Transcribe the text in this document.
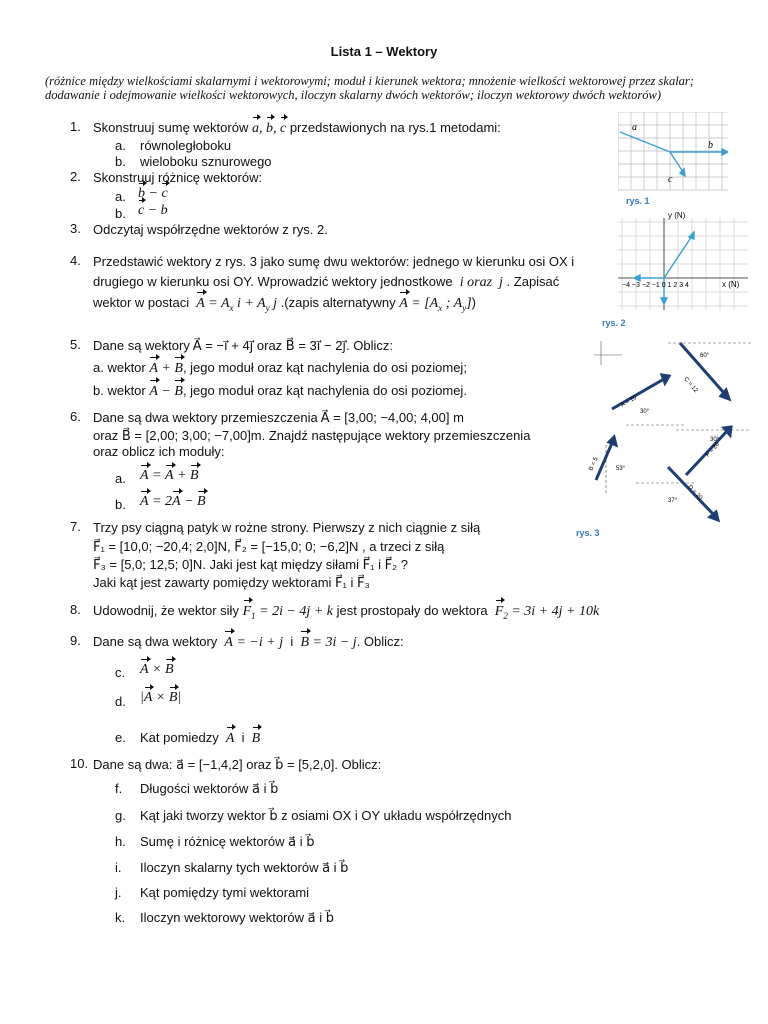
Lista 1 – Wektory
(różnice między wielkościami skalarnymi i wektorowymi; moduł i kierunek wektora; mnożenie wielkości wektorowej przez skalar; dodawanie i odejmowanie wielkości wektorowych, iloczyn skalarny dwóch wektorów; iloczyn wektorowy dwóch wektorów)
1. Skonstruuj sumę wektorów a, b, c przedstawionych na rys.1 metodami:
a. równoległoboku
b. wieloboku sznurowego
2. Skonstruuj różnicę wektorów:
a. b − c
b. c − b
3. Odczytaj współrzędne wektorów z rys. 2.
4. Przedstawić wektory z rys. 3 jako sumę dwu wektorów: jednego w kierunku osi OX i
drugiego w kierunku osi OY. Wprowadzić wektory jednostkowe  i oraz  j . Zapisać
wektor w postaci $A = A_x$ $i + A_y$ j .(zapis alternatywny $A = [A_x$ ; $A_y$])
5. Dane są wektory A⃗ = −i⃗ + 4j⃗ oraz B⃗ = 3i⃗ − 2j⃗. Oblicz:
a. wektor A + B, jego moduł oraz kąt nachylenia do osi poziomej;
b. wektor A − B, jego moduł oraz kąt nachylenia do osi poziomej.
6. Dane są dwa wektory przemieszczenia A⃗ = [3,00; −4,00; 4,00] m
oraz B⃗ = [2,00; 3,00; −7,00]m. Znajdź następujące wektory przemieszczenia
oraz oblicz ich moduły:
a. A = A + B
b. A = 2A − B
7. Trzy psy ciągną patyk w rożne strony. Pierwszy z nich ciągnie z siłą
F⃗₁ = [10,0; −20,4; 2,0]N, F⃗₂ = [−15,0; 0; −6,2]N , a trzeci z siłą
F⃗₃ = [5,0; 12,5; 0]N. Jaki jest kąt między siłami F⃗₁ i F⃗₂ ?
Jaki kąt jest zawarty pomiędzy wektorami F⃗₁ i F⃗₃
8. Udowodnij, że wektor siły $F_1 = 2i - 4j + k$ jest prostopały do wektora $F_2 = 3i + 4j + 10k$
9. Dane są dwa wektory A = −i + j  i  B = 3i − j. Oblicz:
c. A × B
d. |A × B|
e. Kat pomiedzy A  i  B
10. Dane są dwa: a⃗ = [−1,4,2] oraz b⃗ = [5,2,0]. Oblicz:
f. Długości wektorów a⃗ i b⃗
g. Kąt jaki tworzy wektor b⃗ z osiami OX i OY układu współrzędnych
h. Sumę i różnicę wektorów a⃗ i b⃗
i. Iloczyn skalarny tych wektorów a⃗ i b⃗
j. Kąt pomiędzy tymi wektorami
k. Iloczyn wektorowy wektorów a⃗ i b⃗
a
b
c
rys. 1
y (N)
x (N)
−4 −3 −2 −1 0 1 2 3 4
rys. 2
60°
C = 12
A = 10
30°
30°
F = 20
B = 5	53°
D = 20
37°
rys. 3
